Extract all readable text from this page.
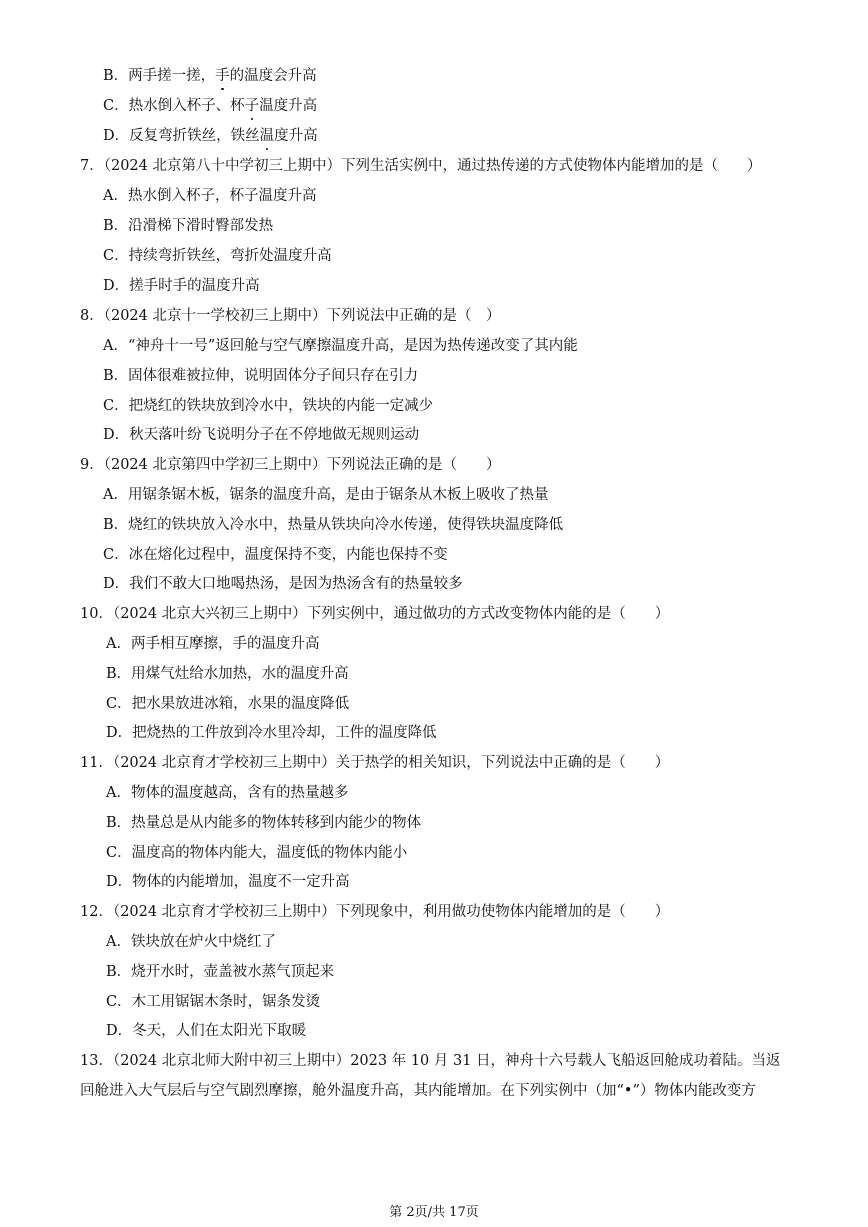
B．两手搓一搓，手的温度会升高
C．热水倒入杯子、杯子温度升高
D．反复弯折铁丝，铁丝温度升高
7．（2024 北京第八十中学初三上期中）下列生活实例中，通过热传递的方式使物体内能增加的是（　　）
A．热水倒入杯子，杯子温度升高
B．沿滑梯下滑时臀部发热
C．持续弯折铁丝，弯折处温度升高
D．搓手时手的温度升高
8．（2024 北京十一学校初三上期中）下列说法中正确的是（　）
A．“神舟十一号”返回舱与空气摩擦温度升高，是因为热传递改变了其内能
B．固体很难被拉伸，说明固体分子间只存在引力
C．把烧红的铁块放到冷水中，铁块的内能一定减少
D．秋天落叶纷飞说明分子在不停地做无规则运动
9．（2024 北京第四中学初三上期中）下列说法正确的是（　　）
A．用锯条锯木板，锯条的温度升高，是由于锯条从木板上吸收了热量
B．烧红的铁块放入冷水中，热量从铁块向冷水传递，使得铁块温度降低
C．冰在熔化过程中，温度保持不变，内能也保持不变
D．我们不敢大口地喝热汤，是因为热汤含有的热量较多
10．（2024 北京大兴初三上期中）下列实例中，通过做功的方式改变物体内能的是（　　）
A．两手相互摩擦，手的温度升高
B．用煤气灶给水加热，水的温度升高
C．把水果放进冰箱，水果的温度降低
D．把烧热的工件放到冷水里冷却，工件的温度降低
11．（2024 北京育才学校初三上期中）关于热学的相关知识，下列说法中正确的是（　　）
A．物体的温度越高，含有的热量越多
B．热量总是从内能多的物体转移到内能少的物体
C．温度高的物体内能大，温度低的物体内能小
D．物体的内能增加，温度不一定升高
12．（2024 北京育才学校初三上期中）下列现象中，利用做功使物体内能增加的是（　　）
A．铁块放在炉火中烧红了
B．烧开水时，壶盖被水蒸气顶起来
C．木工用锯锯木条时，锯条发烫
D．冬天，人们在太阳光下取暖
13．（2024 北京北师大附中初三上期中）2023 年 10 月 31 日，神舟十六号载人飞船返回舱成功着陆。当返
回舱进入大气层后与空气剧烈摩擦，舱外温度升高，其内能增加。在下列实例中（加“•”）物体内能改变方
第 2页/共 17页
